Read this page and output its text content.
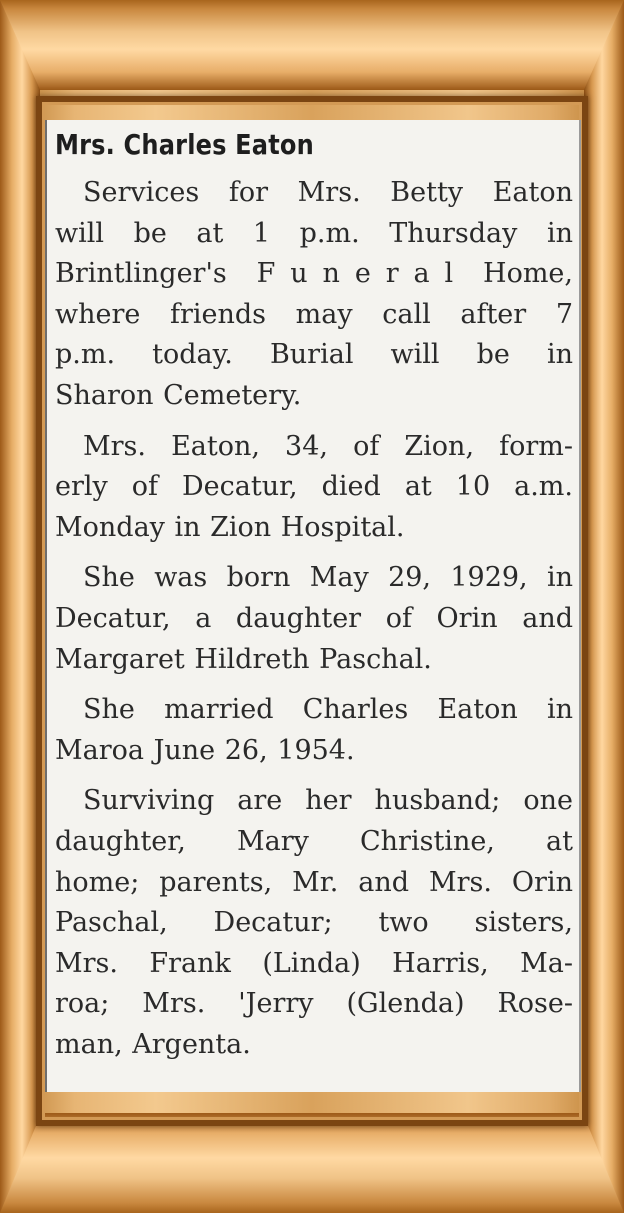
Mrs. Charles Eaton
Services for Mrs. Betty Eaton
will be at 1 p.m. Thursday in
Brintlinger's  F u n e r a l  Home,
where friends may call after 7
p.m. today. Burial will be in
Sharon Cemetery.
Mrs. Eaton, 34, of Zion, form-
erly of Decatur, died at 10 a.m.
Monday in Zion Hospital.
She was born May 29, 1929, in
Decatur, a daughter of Orin and
Margaret Hildreth Paschal.
She married Charles Eaton in
Maroa June 26, 1954.
Surviving are her husband; one
daughter, Mary Christine, at
home; parents, Mr. and Mrs. Orin
Paschal, Decatur; two sisters,
Mrs. Frank (Linda) Harris, Ma-
roa; Mrs. 'Jerry (Glenda) Rose-
man, Argenta.
